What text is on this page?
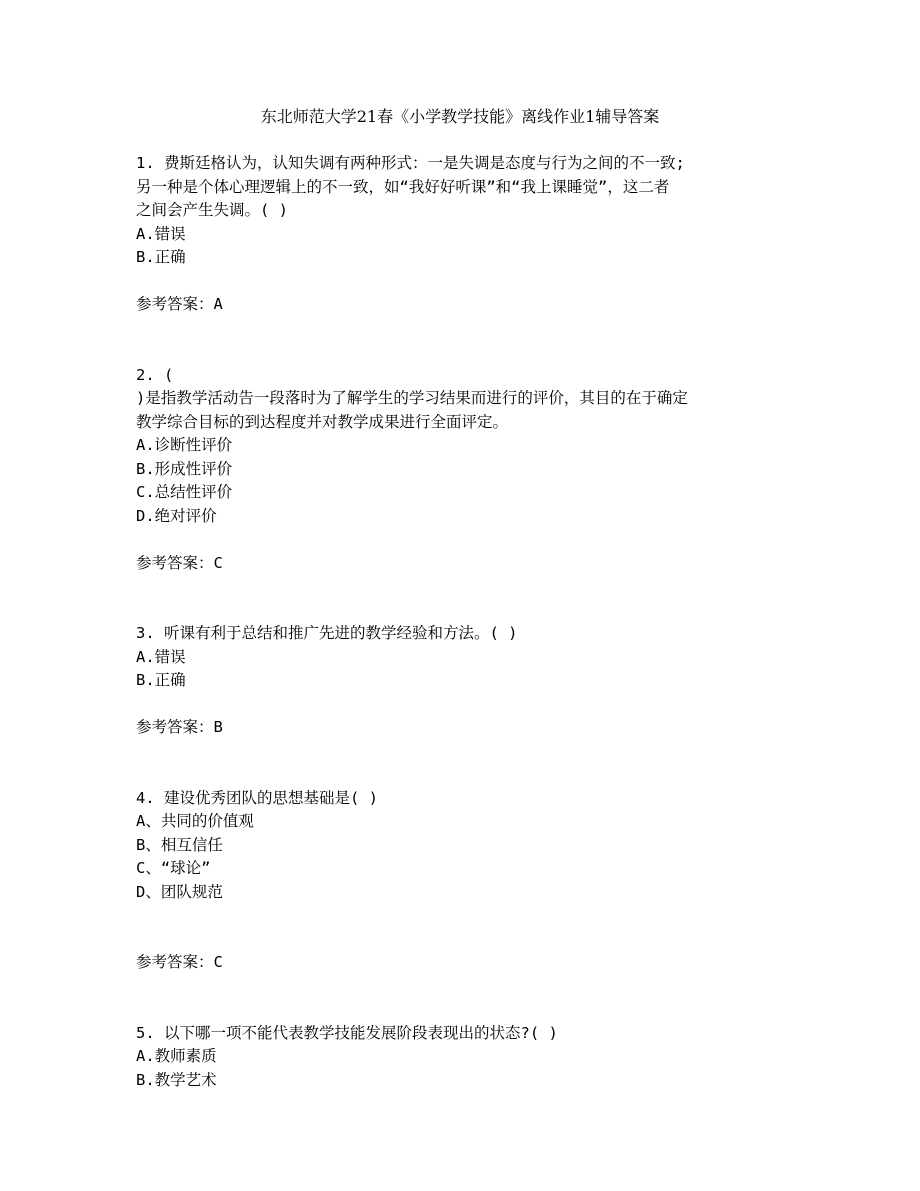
东北师范大学21春《小学教学技能》离线作业1辅导答案
1. 费斯廷格认为，认知失调有两种形式：一是失调是态度与行为之间的不一致;
另一种是个体心理逻辑上的不一致，如“我好好听课”和“我上课睡觉”，这二者
之间会产生失调。( )
A.错误
B.正确
参考答案：A
2. (
)是指教学活动告一段落时为了解学生的学习结果而进行的评价，其目的在于确定
教学综合目标的到达程度并对教学成果进行全面评定。
A.诊断性评价
B.形成性评价
C.总结性评价
D.绝对评价
参考答案：C
3. 听课有利于总结和推广先进的教学经验和方法。( )
A.错误
B.正确
参考答案：B
4. 建设优秀团队的思想基础是( )
A、共同的价值观
B、相互信任
C、“球论”
D、团队规范
参考答案：C
5. 以下哪一项不能代表教学技能发展阶段表现出的状态?( )
A.教师素质
B.教学艺术
